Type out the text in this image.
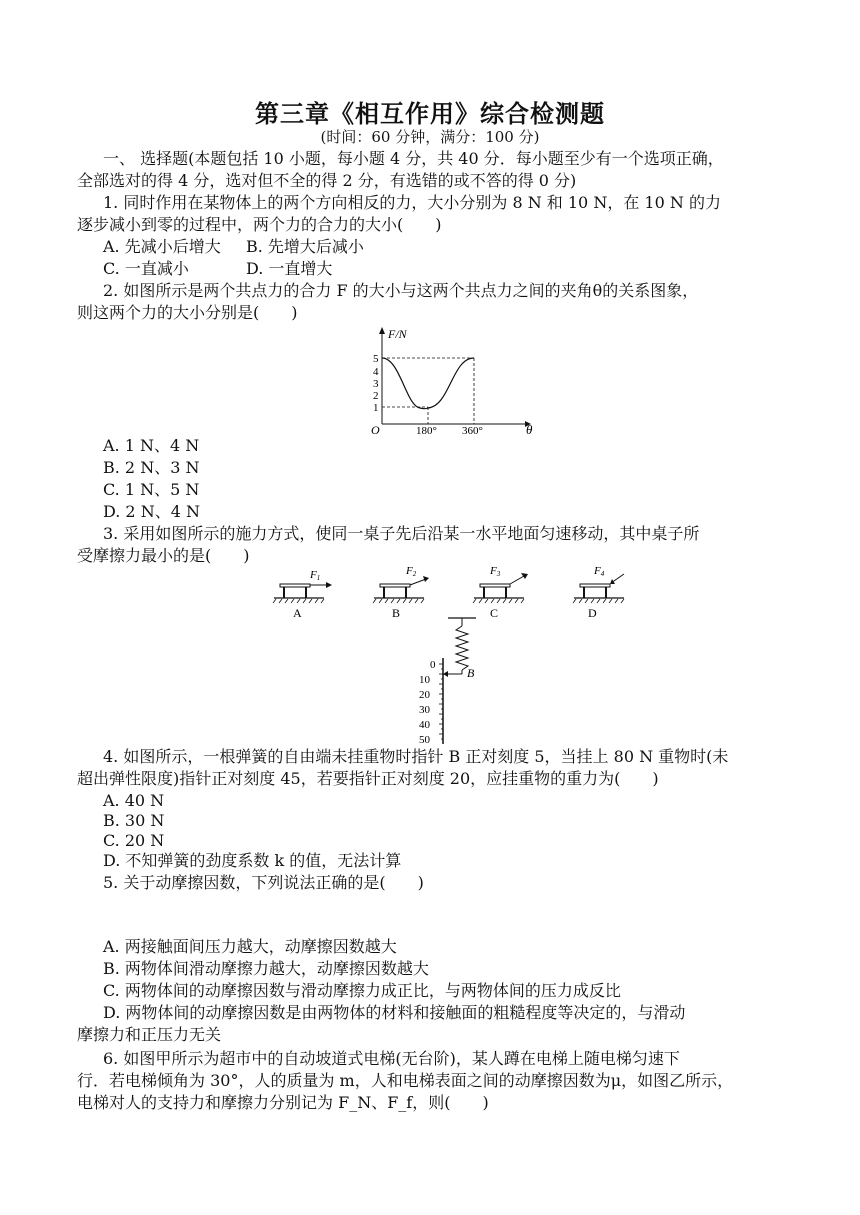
第三章《相互作用》综合检测题
(时间：60 分钟，满分：100 分)
一、 选择题(本题包括 10 小题，每小题 4 分，共 40 分．每小题至少有一个选项正确，
全部选对的得 4 分，选对但不全的得 2 分，有选错的或不答的得 0 分)
1. 同时作用在某物体上的两个方向相反的力，大小分别为 8 N 和 10 N，在 10 N 的力
逐步减小到零的过程中，两个力的合力的大小(　　)
A. 先减小后增大 B. 先增大后减小
C. 一直减小	D. 一直增大
2. 如图所示是两个共点力的合力 F 的大小与这两个共点力之间的夹角θ的关系图象，
则这两个力的大小分别是(　　)
F/N
θ
O
1
2
3
4
5
180° 360°
A. 1 N、4 N
B. 2 N、3 N
C. 1 N、5 N
D. 2 N、4 N
3. 采用如图所示的施力方式，使同一桌子先后沿某一水平地面匀速移动，其中桌子所
受摩擦力最小的是(　　)
F1
A
F2
B
F3
C
F4
D
B
0
10
20
30
40
50
4. 如图所示，一根弹簧的自由端未挂重物时指针 B 正对刻度 5，当挂上 80 N 重物时(未
超出弹性限度)指针正对刻度 45，若要指针正对刻度 20，应挂重物的重力为(　　)
A. 40 N
B. 30 N
C. 20 N
D. 不知弹簧的劲度系数 k 的值，无法计算
5. 关于动摩擦因数，下列说法正确的是(　　)
A. 两接触面间压力越大，动摩擦因数越大
B. 两物体间滑动摩擦力越大，动摩擦因数越大
C. 两物体间的动摩擦因数与滑动摩擦力成正比，与两物体间的压力成反比
D. 两物体间的动摩擦因数是由两物体的材料和接触面的粗糙程度等决定的，与滑动
摩擦力和正压力无关
6. 如图甲所示为超市中的自动坡道式电梯(无台阶)，某人蹲在电梯上随电梯匀速下
行．若电梯倾角为 30°，人的质量为 m，人和电梯表面之间的动摩擦因数为μ，如图乙所示，
电梯对人的支持力和摩擦力分别记为 F_N、F_f，则(　　)
